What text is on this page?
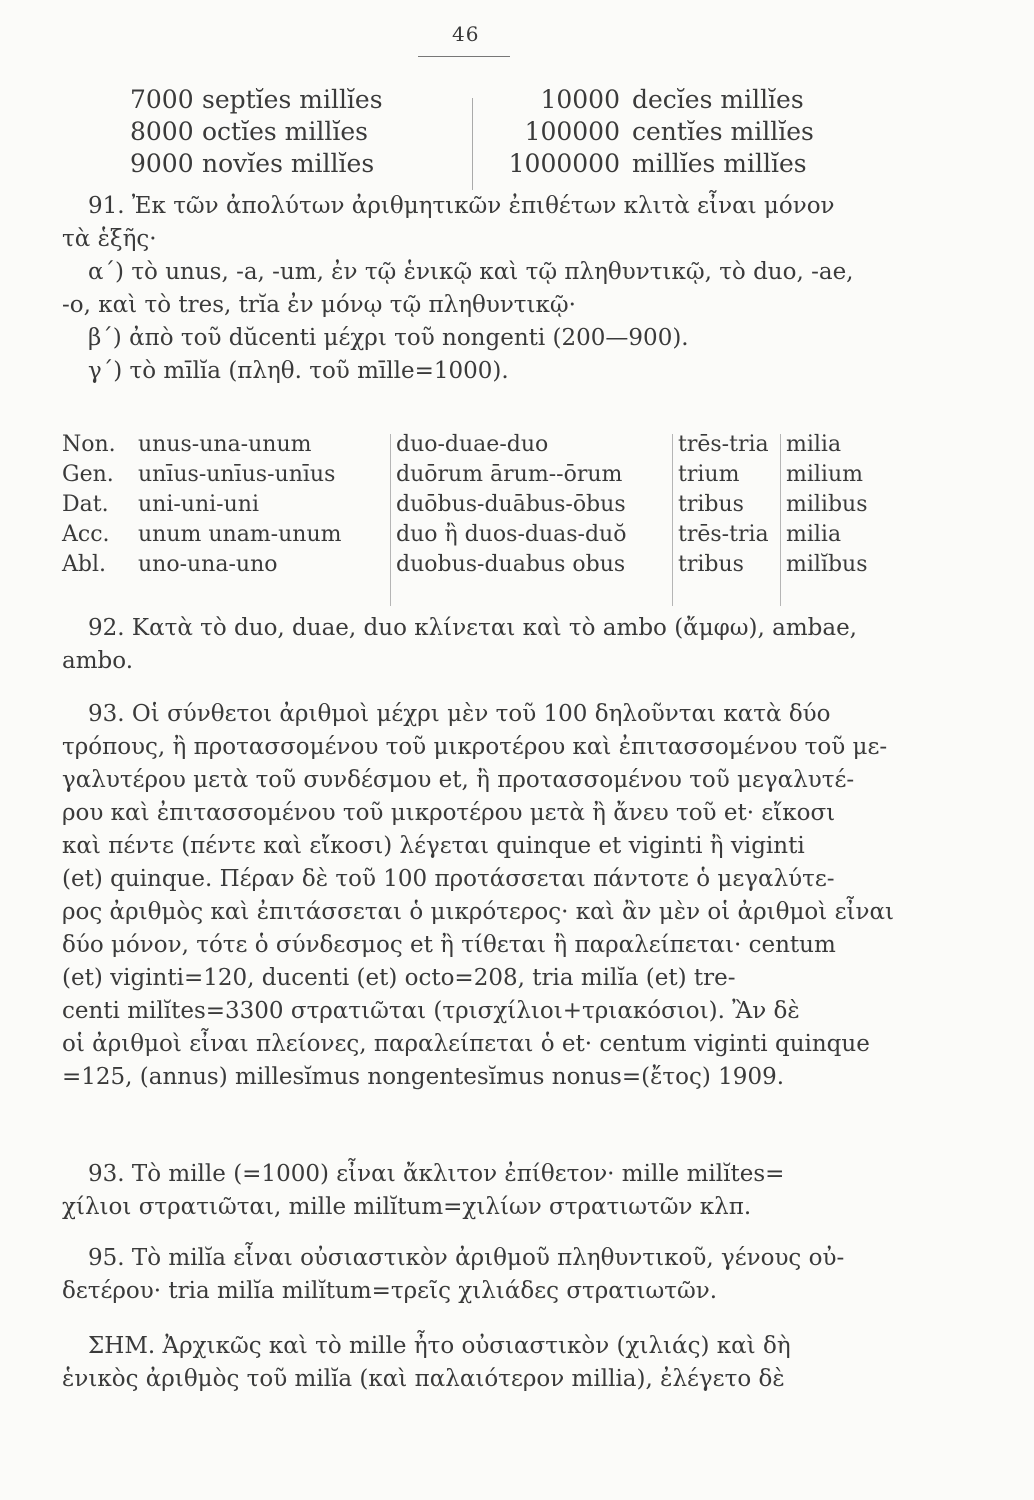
46
7000 septĭes millĭes
8000 octĭes millĭes
9000 novĭes millĭes
10000 decĭes millĭes
100000 centĭes millĭes
1000000 millĭes millĭes
91. Ἐκ τῶν ἀπολύτων ἀριθμητικῶν ἐπιθέτων κλιτὰ εἶναι μόνον
τὰ ἑξῆς·
α΄) τὸ unus, -a, -um, ἐν τῷ ἑνικῷ καὶ τῷ πληθυντικῷ, τὸ duo, -ae,
-o, καὶ τὸ tres, trĭa ἐν μόνῳ τῷ πληθυντικῷ·
β΄) ἀπὸ τοῦ dŭcenti μέχρι τοῦ nongenti (200—900).
γ΄) τὸ mīlĭa (πληθ. τοῦ mīlle=1000).
Non.
Gen.
Dat.
Acc.
Abl.
unus-una-unum
unīus-unīus-unīus
uni-uni-uni
unum unam-unum
uno-una-uno
duo-duae-duo
duōrum ārum--ōrum
duōbus-duābus-ōbus
duo ἢ duos-duas-duŏ
duobus-duabus obus
trēs-tria
trium
tribus
trēs-tria
tribus
milia
milium
milibus
milia
milĭbus
92. Κατὰ τὸ duo, duae, duo κλίνεται καὶ τὸ ambo (ἄμφω), ambae,
ambo.
93. Οἱ σύνθετοι ἀριθμοὶ μέχρι μὲν τοῦ 100 δηλοῦνται κατὰ δύο
τρόπους, ἢ προτασσομένου τοῦ μικροτέρου καὶ ἐπιτασσομένου τοῦ με-
γαλυτέρου μετὰ τοῦ συνδέσμου et, ἢ προτασσομένου τοῦ μεγαλυτέ-
ρου καὶ ἐπιτασσομένου τοῦ μικροτέρου μετὰ ἢ ἄνευ τοῦ et· εἴκοσι
καὶ πέντε (πέντε καὶ εἴκοσι) λέγεται quinque et viginti ἢ viginti
(et) quinque. Πέραν δὲ τοῦ 100 προτάσσεται πάντοτε ὁ μεγαλύτε-
ρος ἀριθμὸς καὶ ἐπιτάσσεται ὁ μικρότερος· καὶ ἂν μὲν οἱ ἀριθμοὶ εἶναι
δύο μόνον, τότε ὁ σύνδεσμος et ἢ τίθεται ἢ παραλείπεται· centum
(et) viginti=120, ducenti (et) octo=208, tria milĭa (et) tre-
centi milĭtes=3300 στρατιῶται (τρισχίλιοι+τριακόσιοι). Ἂν δὲ
οἱ ἀριθμοὶ εἶναι πλείονες, παραλείπεται ὁ et· centum viginti quinque
=125, (annus) millesĭmus nongentesĭmus nonus=(ἔτος) 1909.
93. Τὸ mille (=1000) εἶναι ἄκλιτον ἐπίθετον· mille milĭtes=
χίλιοι στρατιῶται, mille milĭtum=χιλίων στρατιωτῶν κλπ.
95. Τὸ milĭa εἶναι οὐσιαστικὸν ἀριθμοῦ πληθυντικοῦ, γένους οὐ-
δετέρου· tria milĭa milĭtum=τρεῖς χιλιάδες στρατιωτῶν.
ΣΗΜ. Ἀρχικῶς καὶ τὸ mille ἦτο οὐσιαστικὸν (χιλιάς) καὶ δὴ
ἑνικὸς ἀριθμὸς τοῦ milĭa (καὶ παλαιότερον millia), ἐλέγετο δὲ
